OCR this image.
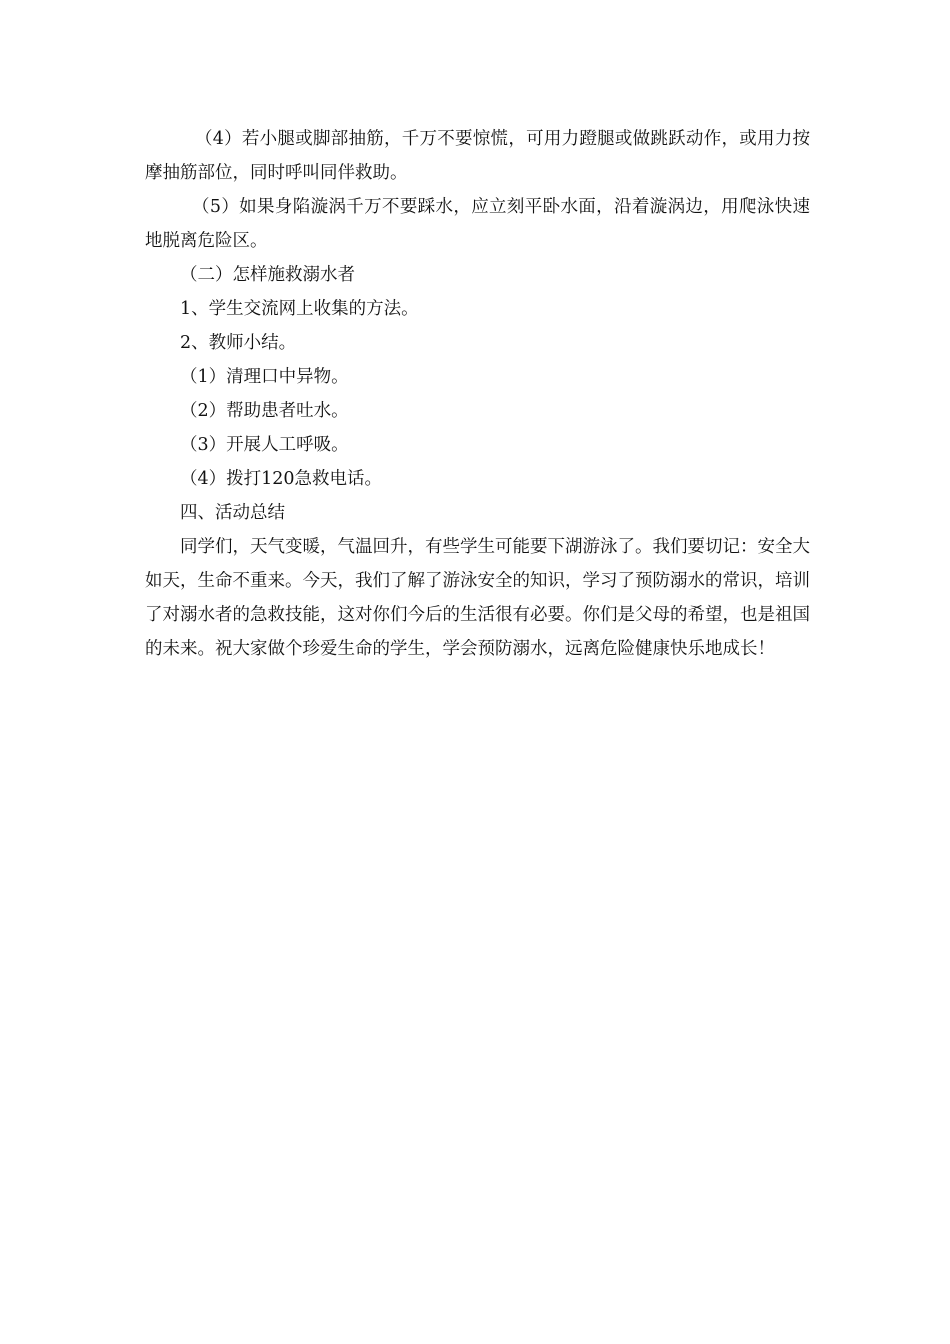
（4）若小腿或脚部抽筋，千万不要惊慌，可用力蹬腿或做跳跃动作，或用力按摩抽筋部位，同时呼叫同伴救助。

（5）如果身陷漩涡千万不要踩水，应立刻平卧水面，沿着漩涡边，用爬泳快速地脱离危险区。

（二）怎样施救溺水者

1、学生交流网上收集的方法。

2、教师小结。

（1）清理口中异物。

（2）帮助患者吐水。

（3）开展人工呼吸。

（4）拨打120急救电话。

四、活动总结

同学们，天气变暖，气温回升，有些学生可能要下湖游泳了。我们要切记：安全大如天，生命不重来。今天，我们了解了游泳安全的知识，学习了预防溺水的常识，培训了对溺水者的急救技能，这对你们今后的生活很有必要。你们是父母的希望，也是祖国的未来。祝大家做个珍爱生命的学生，学会预防溺水，远离危险健康快乐地成长！
